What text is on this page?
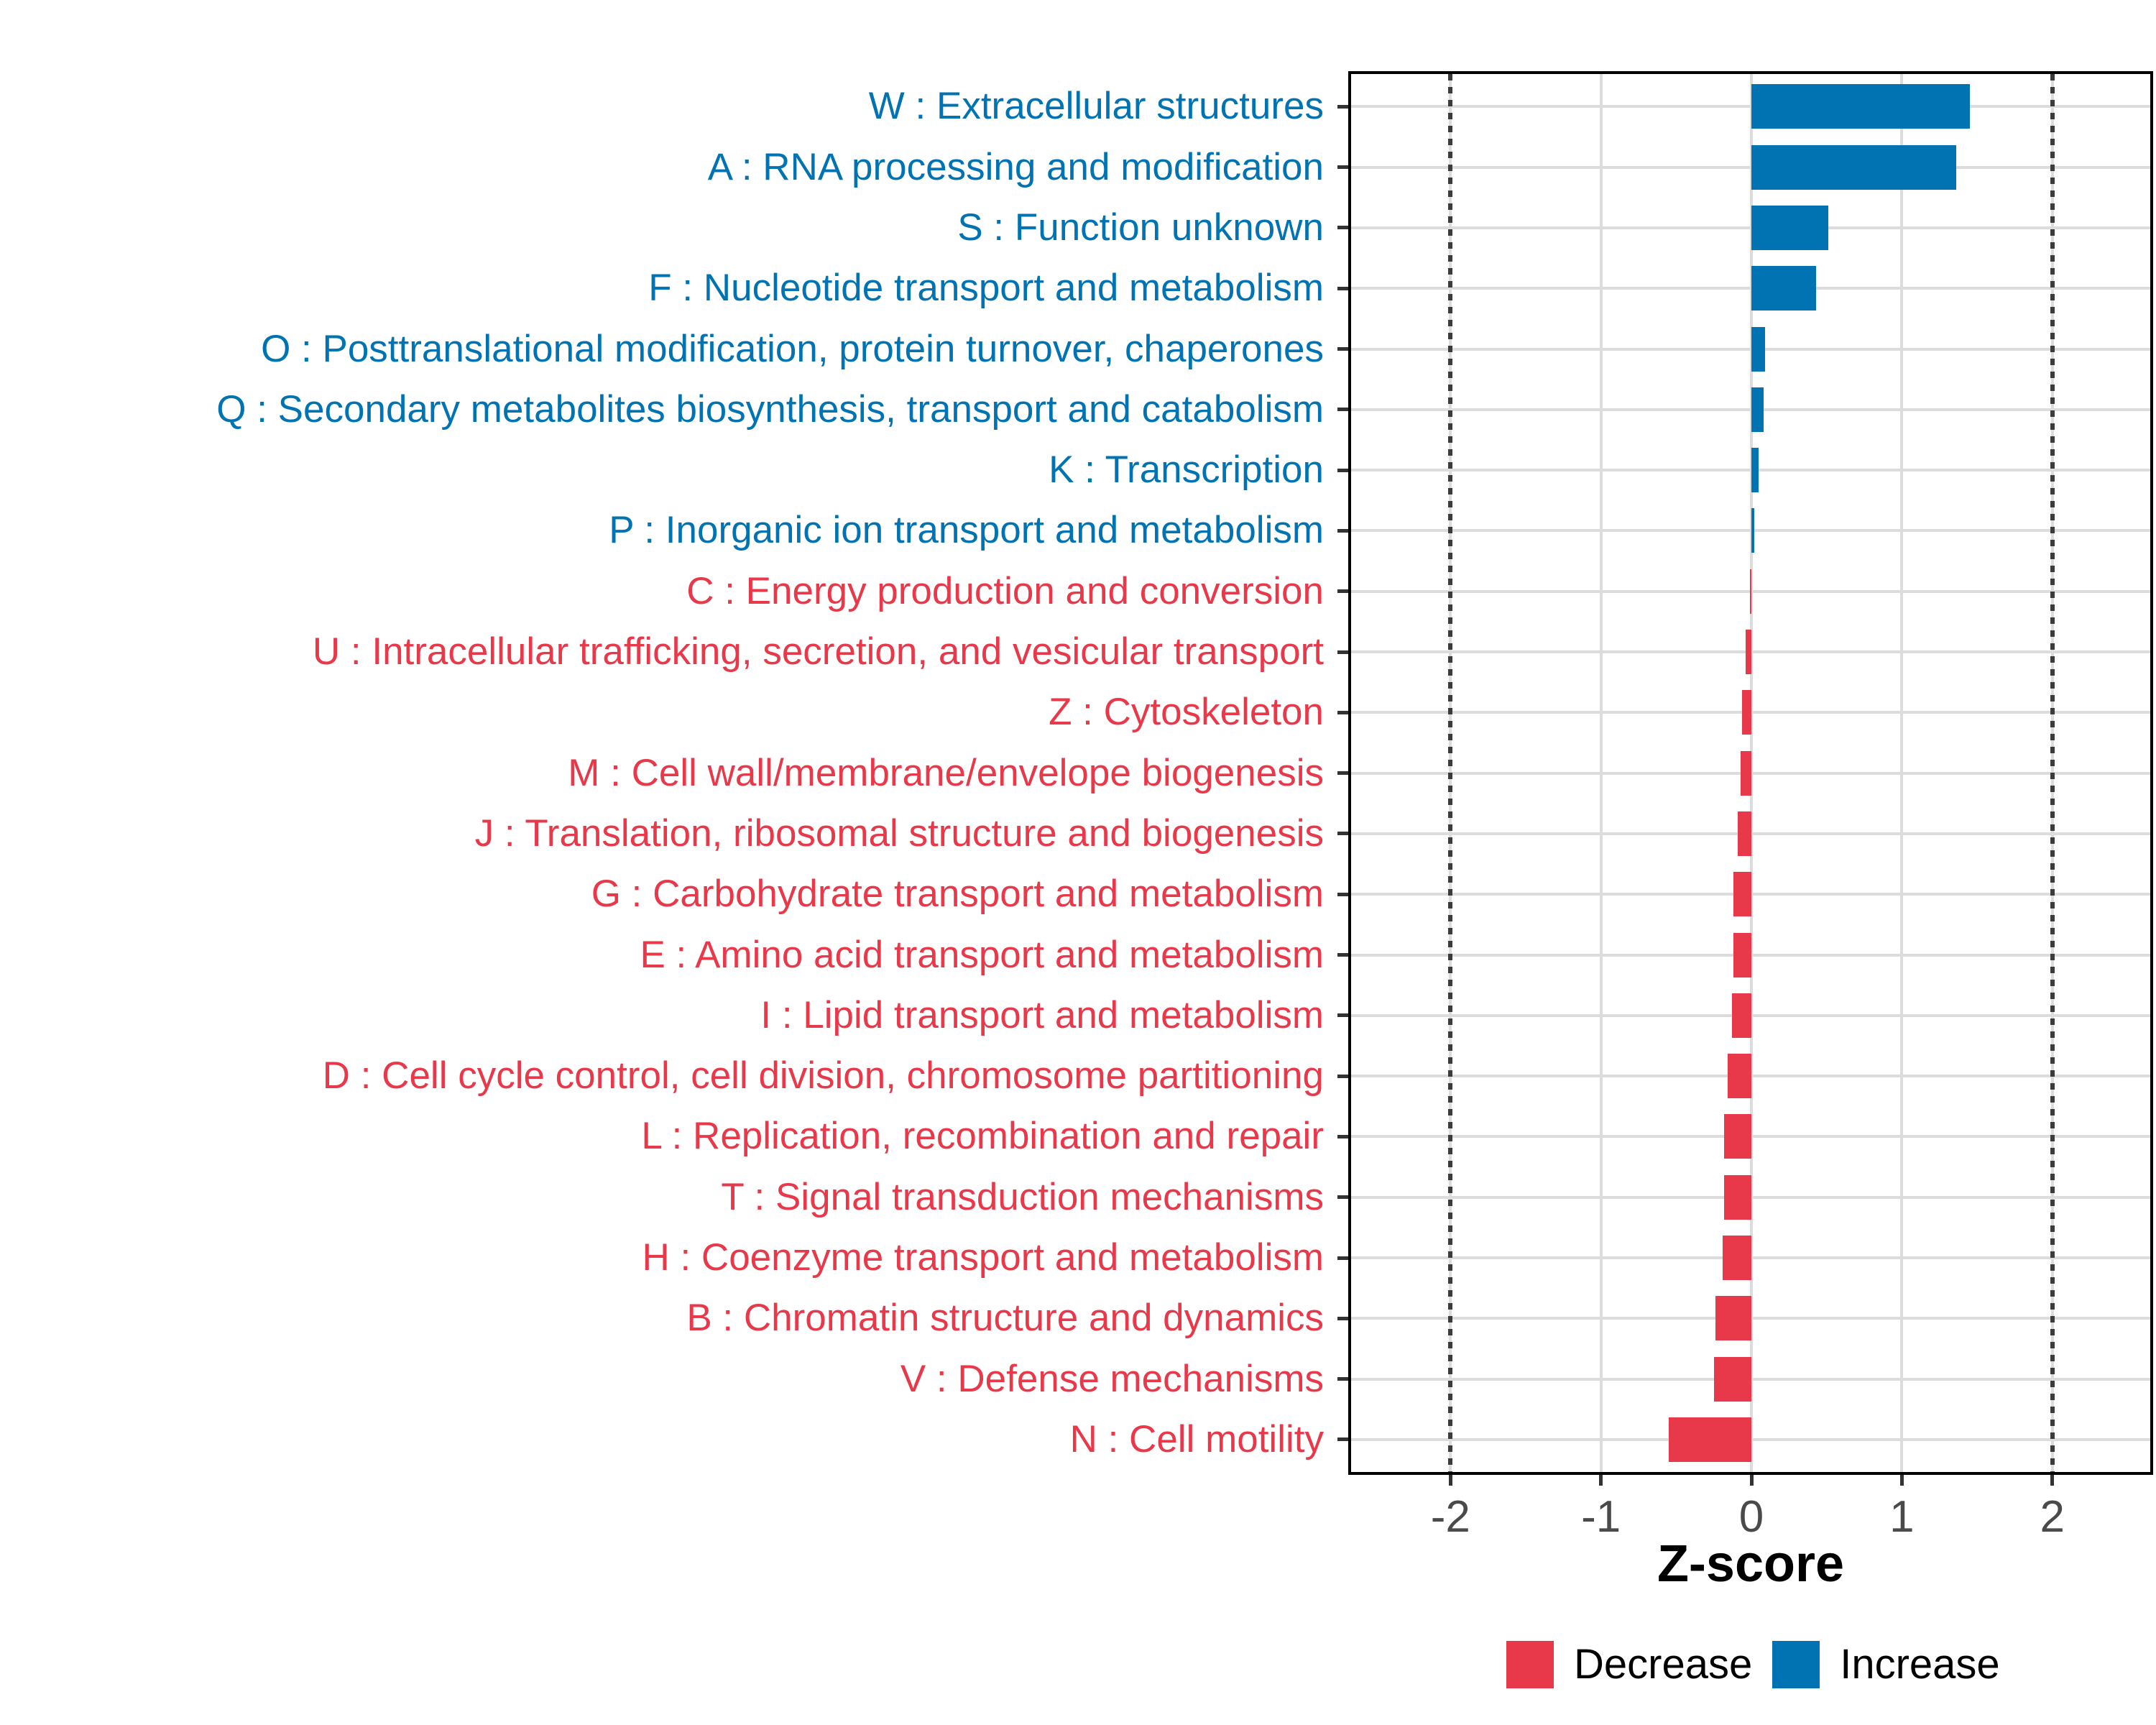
W : Extracellular structures
A : RNA processing and modification
S : Function unknown
F : Nucleotide transport and metabolism
O : Posttranslational modification, protein turnover, chaperones
Q : Secondary metabolites biosynthesis, transport and catabolism
K : Transcription
P : Inorganic ion transport and metabolism
C : Energy production and conversion
U : Intracellular trafficking, secretion, and vesicular transport
Z : Cytoskeleton
M : Cell wall/membrane/envelope biogenesis
J : Translation, ribosomal structure and biogenesis
G : Carbohydrate transport and metabolism
E : Amino acid transport and metabolism
I : Lipid transport and metabolism
D : Cell cycle control, cell division, chromosome partitioning
L : Replication, recombination and repair
T : Signal transduction mechanisms
H : Coenzyme transport and metabolism
B : Chromatin structure and dynamics
V : Defense mechanisms
N : Cell motility
-2	-1	0	1	2
Z-score
Decrease Increase
